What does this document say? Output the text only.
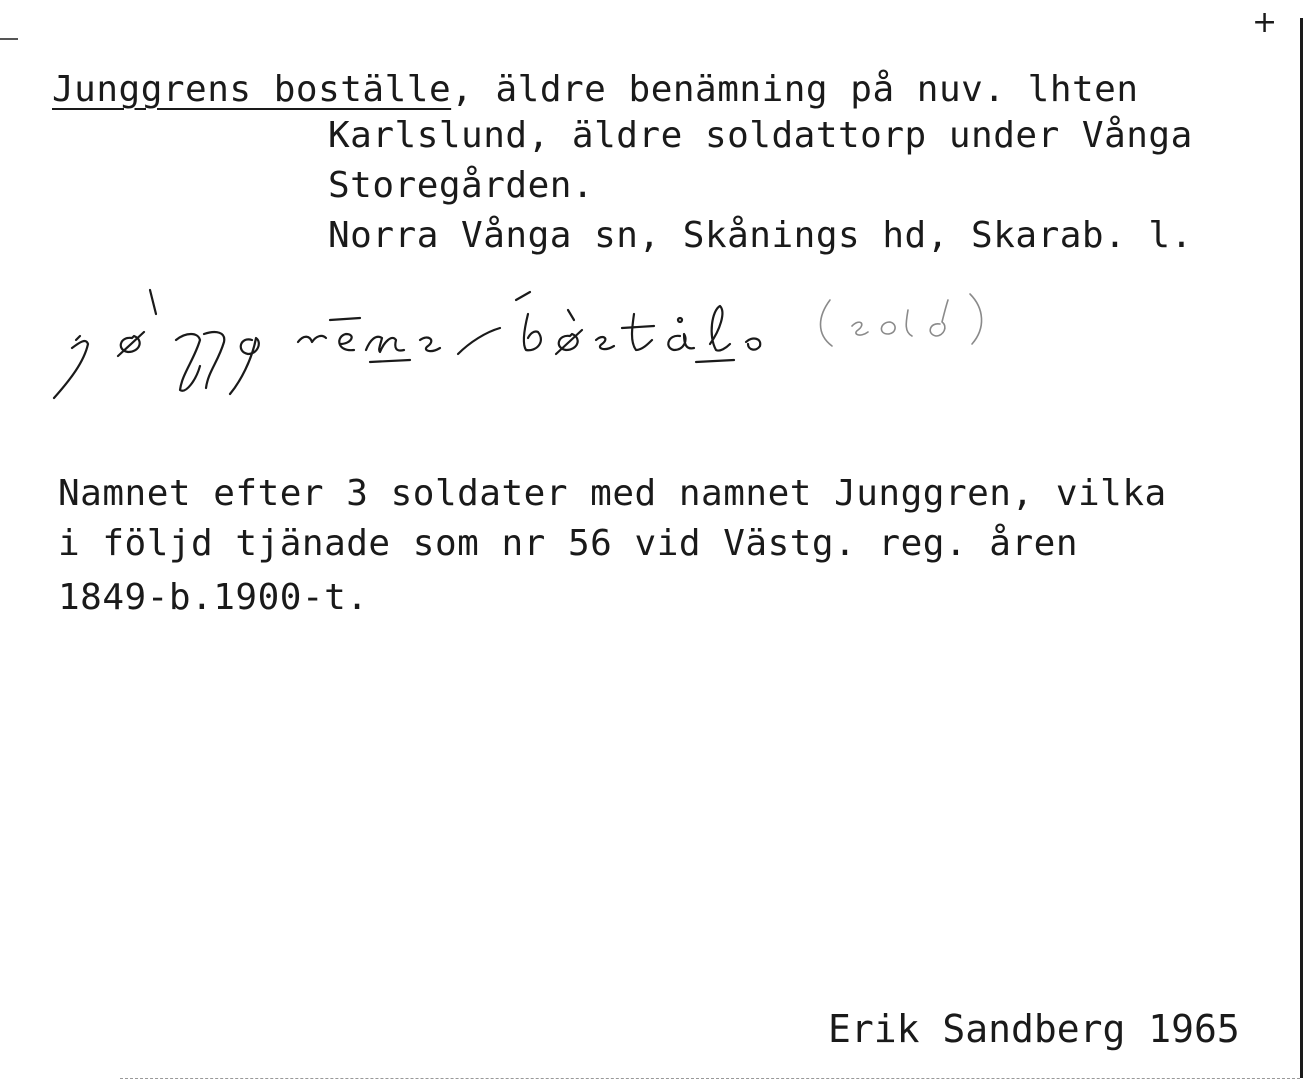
+
Junggrens boställe, äldre benämning på nuv. lhten
Karlslund, äldre soldattorp under Vånga
Storegården.
Norra Vånga sn, Skånings hd, Skarab. l.
Namnet efter 3 soldater med namnet Junggren, vilka
i följd tjänade som nr 56 vid Västg. reg. åren
1849-b.1900-t.
Erik Sandberg 1965
